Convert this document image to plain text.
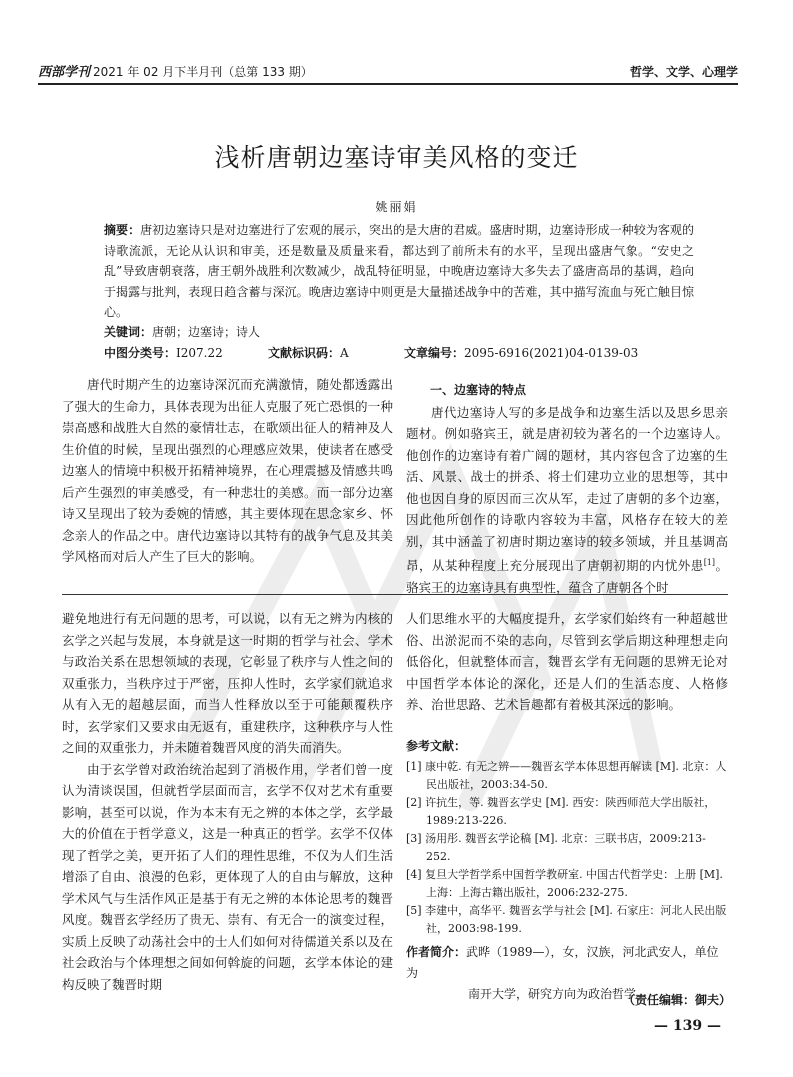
西部学刊 2021 年 02 月下半月刊（总第 133 期）	哲学、文学、心理学
浅析唐朝边塞诗审美风格的变迁
姚丽娟
摘要：唐初边塞诗只是对边塞进行了宏观的展示，突出的是大唐的君威。盛唐时期，边塞诗形成一种较为客观的诗歌流派，无论从认识和审美，还是数量及质量来看，都达到了前所未有的水平，呈现出盛唐气象。“安史之乱”导致唐朝衰落，唐王朝外战胜利次数减少，战乱特征明显，中晚唐边塞诗大多失去了盛唐高昂的基调，趋向于揭露与批判，表现日趋含蓄与深沉。晚唐边塞诗中则更是大量描述战争中的苦难，其中描写流血与死亡触目惊心。
关键词：唐朝；边塞诗；诗人
中图分类号：I207.22	文献标识码：A	文章编号：2095-6916(2021)04-0139-03

唐代时期产生的边塞诗深沉而充满激情，随处都透露出了强大的生命力，具体表现为出征人克服了死亡恐惧的一种崇高感和战胜大自然的豪情壮志，在歌颂出征人的精神及人生价值的时候，呈现出强烈的心理感应效果，使读者在感受边塞人的情境中积极开拓精神境界，在心理震撼及情感共鸣后产生强烈的审美感受，有一种悲壮的美感。而一部分边塞诗又呈现出了较为委婉的情感，其主要体现在思念家乡、怀念亲人的作品之中。唐代边塞诗以其特有的战争气息及其美学风格而对后人产生了巨大的影响。

一、边塞诗的特点

唐代边塞诗人写的多是战争和边塞生活以及思乡思亲题材。例如骆宾王，就是唐初较为著名的一个边塞诗人。他创作的边塞诗有着广阔的题材，其内容包含了边塞的生活、风景、战士的拼杀、将士们建功立业的思想等，其中他也因自身的原因而三次从军，走过了唐朝的多个边塞，因此他所创作的诗歌内容较为丰富，风格存在较大的差别，其中涵盖了初唐时期边塞诗的较多领域，并且基调高昂，从某种程度上充分展现出了唐朝初期的内忧外患[1]。骆宾王的边塞诗具有典型性，蕴含了唐朝各个时

避免地进行有无问题的思考，可以说，以有无之辨为内核的玄学之兴起与发展，本身就是这一时期的哲学与社会、学术与政治关系在思想领域的表现，它彰显了秩序与人性之间的双重张力，当秩序过于严密，压抑人性时，玄学家们就追求从有入无的超越层面，而当人性释放以至于可能颠覆秩序时，玄学家们又要求由无返有，重建秩序，这种秩序与人性之间的双重张力，并未随着魏晋风度的消失而消失。

由于玄学曾对政治统治起到了消极作用，学者们曾一度认为清谈误国，但就哲学层面而言，玄学不仅对艺术有重要影响，甚至可以说，作为本末有无之辨的本体之学，玄学最大的价值在于哲学意义，这是一种真正的哲学。玄学不仅体现了哲学之美，更开拓了人们的理性思维，不仅为人们生活增添了自由、浪漫的色彩，更体现了人的自由与解放，这种学术风气与生活作风正是基于有无之辨的本体论思考的魏晋风度。魏晋玄学经历了贵无、崇有、有无合一的演变过程，实质上反映了动荡社会中的士人们如何对待儒道关系以及在社会政治与个体理想之间如何斡旋的问题，玄学本体论的建构反映了魏晋时期

人们思维水平的大幅度提升，玄学家们始终有一种超越世俗、出淤泥而不染的志向，尽管到玄学后期这种理想走向低俗化，但就整体而言，魏晋玄学有无问题的思辨无论对中国哲学本体论的深化，还是人们的生活态度、人格修养、治世思路、艺术旨趣都有着极其深远的影响。

参考文献：
[1] 康中乾. 有无之辨——魏晋玄学本体思想再解读 [M]. 北京：人民出版社，2003:34-50.
[2] 许抗生，等. 魏晋玄学史 [M]. 西安：陕西师范大学出版社，1989:213-226.
[3] 汤用彤. 魏晋玄学论稿 [M]. 北京：三联书店，2009:213-252.
[4] 复旦大学哲学系中国哲学教研室. 中国古代哲学史：上册 [M]. 上海：上海古籍出版社，2006:232-275.
[5] 李建中，高华平. 魏晋玄学与社会 [M]. 石家庄：河北人民出版社，2003:98-199.
作者简介：武晔（1989—），女，汉族，河北武安人，单位为
南开大学，研究方向为政治哲学。
（责任编辑：御夫）
— 139 —
